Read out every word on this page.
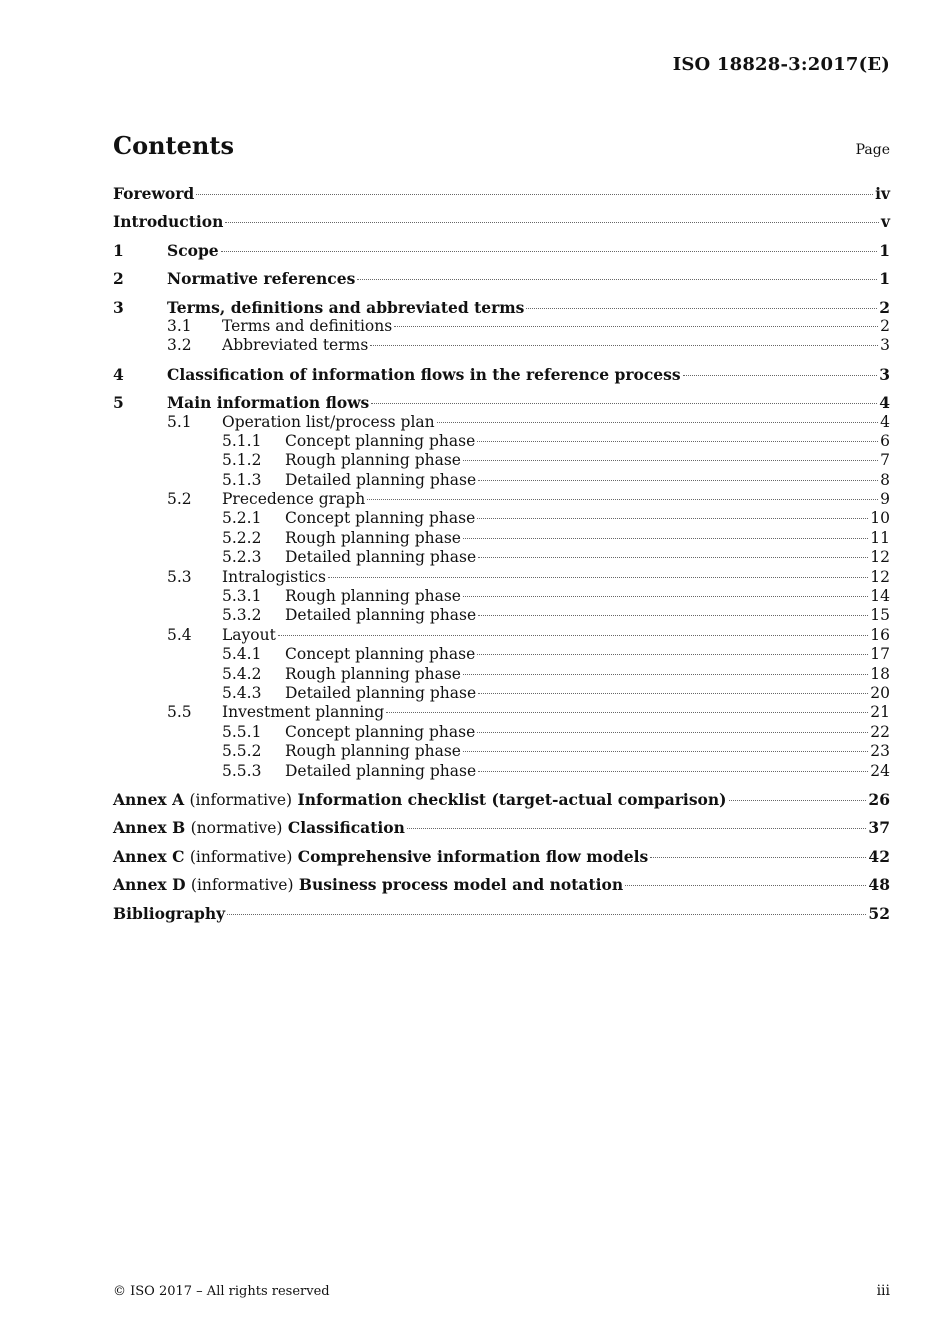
ISO 18828-3:2017(E)
Contents	Page
Foreword	iv
Introduction	v
1	Scope	1
2	Normative references	1
3	Terms, definitions and abbreviated terms	2
3.1	Terms and definitions	2
3.2	Abbreviated terms	3
4	Classification of information flows in the reference process	3
5	Main information flows	4
5.1	Operation list/process plan	4
5.1.1	Concept planning phase	6
5.1.2	Rough planning phase	7
5.1.3	Detailed planning phase	8
5.2	Precedence graph	9
5.2.1	Concept planning phase	10
5.2.2	Rough planning phase	11
5.2.3	Detailed planning phase	12
5.3	Intralogistics	12
5.3.1	Rough planning phase	14
5.3.2	Detailed planning phase	15
5.4	Layout	16
5.4.1	Concept planning phase	17
5.4.2	Rough planning phase	18
5.4.3	Detailed planning phase	20
5.5	Investment planning	21
5.5.1	Concept planning phase	22
5.5.2	Rough planning phase	23
5.5.3	Detailed planning phase	24
Annex A (informative) Information checklist (target-actual comparison)	26
Annex B (normative) Classification	37
Annex C (informative) Comprehensive information flow models	42
Annex D (informative) Business process model and notation	48
Bibliography	52
© ISO 2017 – All rights reserved	iii
